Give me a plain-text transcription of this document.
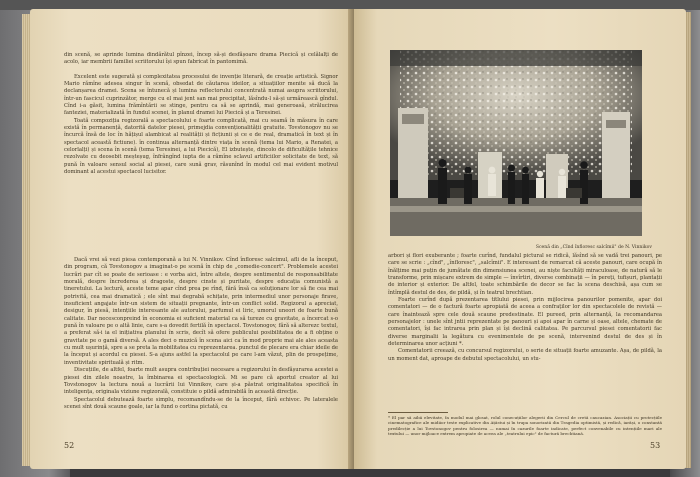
din scenă, se aprinde lumina dindărătul pînzei, încep să-și desfășoare drama Piecică și celălalți de acolo, iar membrii familiei scriitorului își spun fabricat în pantomimă.

Excelent este sugerată și complexitatea procesului de invenție literară, de creație artistică. Signor Mario rămîne adesea singur în scenă, obsedat de căutarea ideilor, a situațiilor menite să ducă la declanșarea dramei. Scena se întunecă și lumina reflectorului concentrată numai asupra scriitorului, într-un fascicul cuprinzător, merge cu el mai jent san mai precipitat, lăsîndu-l să-și urmărească gîndul. Cînd i-a găsit, lumina frămîntării se stinge, pentru ca să se aprindă, mai generoasă, strălucirea fanteziei, materializată în fundul scenei, în planul dramei lui Piecică și a Teresinei.

Toată compoziția regizorală a spectacolului e foarte complicată, mai cu seamă în măsura în care există în permanență, datorită datelor piesei, primejdia convenționalității gratuite. Tovstonogov nu se încurcă însă de loc în hățișul alambicat al realității și ficțiunii și ce e de real, dramatică în text și în spectacol această fictiune). în continua alternanță dintre viața în scenă (tema lui Mario, a Renatei, a celorlalți) și scena în scenă (tema Teresinei, a lui Piecică), El izbutește, dincolo de dificultățile tehnice rezolvate cu deosebit meșteșug, înfrângînd iupta de a rămîne sclavul artificiilor solicitate de text, să pună în valoare sensul social al piesei, care sună grav, răsunînd în modul cel mai evident motivul dominant al acestui spectacol lucisitor.

Dacă vrei să vezi piesa contemporană a lui N. Vinnikov. Cînd înfloresc salcimul, afli de la început, din program, că Tovstonogov a imaginat-o pe scenă în chip de „comedie-concert". Problemele acestei lucrări par cît se poate de serioase : e vorba aici, între altele, despre sentimentul de responsabilitate morală, despre încrederea și dragoste, despre cinste și puritate, despre educația comunistă a tineretului. La lectură, aceste teme apar cînd prea pe rînd, fără însă ca soluționare lor să fie cea mai potrivită, cea mai dramatică ; ele sînt mai degrabă schițate, prin intermediul unor personaje firave, insuficient angajate într-un sistem de situații pregnante, într-un conflict solid. Regizorul a apreciat, desigur, în piesă, intențiile interesante ale autorului, parfumul ei liric, umorul uneori de foarte bună calitate. Dar necesconpreind în economia ei suficient material ca să tureze cu gravitate, a încercat s-o pună în valoare pe o altă linie, care s-a dovedit fertilă în spectacol. Tovstonogov, fără să alterezc textul, a preferat să-i ia el inițiativa planului în scris, decît să ofere publicului posibilitatea de a fi obține o gravitate pe o gamă diversă. A ales deci o muzică în scena aici ca în mod proprie mai ale ales aceasta cu mult ușurință, spre a se preta la mobilitatea cu reprezentarea. punctul de plecare era chiar ideile de la început și acordul cu piesei. S-a ajuns astfel la spectacolul pe care l-am văzut, plin de prospețime, inventivitate spirituală și ritm.

Discuțiile, de altfel, foarte mult asupra contribuției necesare a regizorului în desfășurarea acestei a piesei din zilele noastre, la îmbinarea ei spectacologică. Mi se pare că aportul creator al lui Tovstonogov la lectura nouă a lucrării lui Vinnikov, care și-a păstrat originalitatea specifică în inteligența, originala viziune regizorală, constituie o pildă admirabilă în această direcție.

Spectacolul debutează foarte simplu, recomandîndu-se de la început, fără echivoc. Pe lateralele scenei sînt două scaune goale, iar la fund o cortina pictată, cu

52
Scenă din „Cînd înfloresc salcîmii" de N. Vinnikov

arbori și flori exuberante ; foarte curînd, fundalul pictural se ridică, lăsînd să se vadă trei panouri, pe care se scrie : „cînd", „înfloresc", „salcîmii". E interesant de remarcat că aceste panouri, care ocupă în înălțime mai puțin de jumătate din dimensiunea scenei, au niște facultăți miraculoase, de natură să le transforme, prin mișcare extrem de simple — învîrtiri, diverse combinații — în pereți, tufișuri, plantații de interior și exterior. De altfel, toate schimbările de decor se fac la scena deschisă, așa cum se întîmplă destul de des, de pildă, și în teatrul brechtian.

Foarte curînd după prezentarea titlului piesei, prin mijlocirea panourilor pomenite, apar doi comentatori — de o factură foarte apropiată de aceea a confraților lor din spectacolele de revistă — care înaintează spre cele două scaune predestinate. El pureed, prin alternanță, la recomandarea personajelor : unele sînt jntii reprezentate pe panouri și apoi apar în carne și oase, altele, chemate de comentatori, își fac intrarea prin plan și își declină calitatea. Pe parcursul piesei comentatorii fac diverse marginalii la legătura cu evenimentele de pe scenă, intervenind destul de des și în determinarea unor acțiuni *.

Comentatorii creează, cu concursul regizorului, o serie de situații foarte amuzante. Așa, de pildă, la un moment dat, aproape de debutul spectacolului, un stu-

* El par să aibă elevitate, în modul mai glosat, rolul conecuțiilor alegerii din Cercul de cretă caucazian. Asociații cu protecțiile cinematografice ale midiior teste explicative din Ațăstui și în trupa sonorizată din Tragedia optimistă, și redicâ, iarăși, o constantă predilecție a lui Tovstonogov pentru folosirea — numai în cazurile foarte indicate, perfect convenabile cu intențiile mari ale textului — unor mijloace extrem apropiate de aceea ale „teatrului epic" de factură brechtiană.
53
